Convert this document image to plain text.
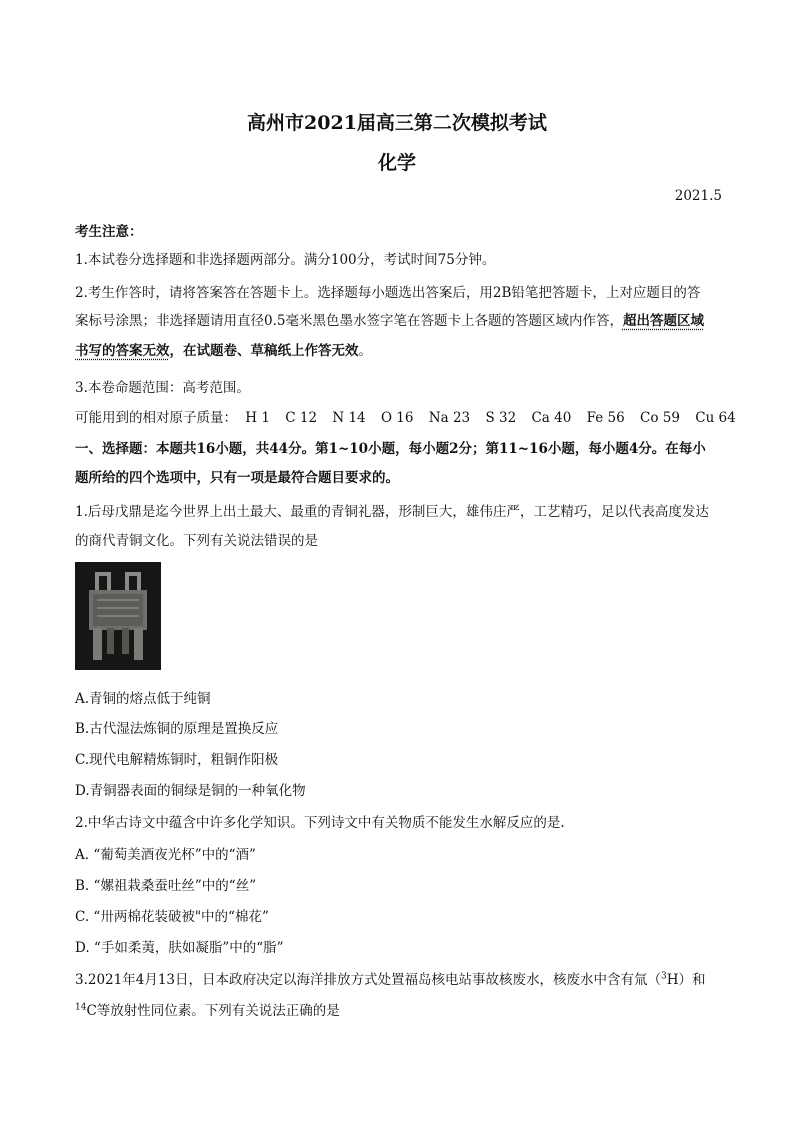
高州市2021届高三第二次模拟考试
化学
2021.5
考生注意：
1.本试卷分选择题和非选择题两部分。满分100分，考试时间75分钟。
2.考生作答时，请将答案答在答题卡上。选择题每小题选出答案后，用2B铅笔把答题卡，上对应题目的答
案标号涂黑；非选择题请用直径0.5毫米黑色墨水签字笔在答题卡上各题的答题区域内作答，超出答题区域
书写的答案无效，在试题卷、草稿纸上作答无效。
3.本卷命题范围：高考范围。
可能用到的相对原子质量： H 1 C 12 N 14 O 16 Na 23 S 32 Ca 40 Fe 56 Co 59 Cu 64
一、选择题：本题共16小题，共44分。第1~10小题，每小题2分；第11~16小题，每小题4分。在每小
题所给的四个选项中，只有一项是最符合题目要求的。
1.后母戊鼎是迄今世界上出土最大、最重的青铜礼器，形制巨大，雄伟庄严，工艺精巧，足以代表高度发达
的商代青铜文化。下列有关说法错误的是
A.青铜的熔点低于纯铜
B.古代湿法炼铜的原理是置换反应
C.现代电解精炼铜时，粗铜作阳极
D.青铜器表面的铜绿是铜的一种氧化物
2.中华古诗文中蕴含中许多化学知识。下列诗文中有关物质不能发生水解反应的是.
A. “葡萄美酒夜光杯”中的“酒”
B. “嫘祖栽桑蚕吐丝”中的“丝”
C. “卅两棉花装破被"中的“棉花”
D. “手如柔荑，肤如凝脂”中的“脂”
3.2021年4月13日，日本政府决定以海洋排放方式处置福岛核电站事故核废水，核废水中含有氚（$^3$H）和
$^{14}$C等放射性同位素。下列有关说法正确的是
